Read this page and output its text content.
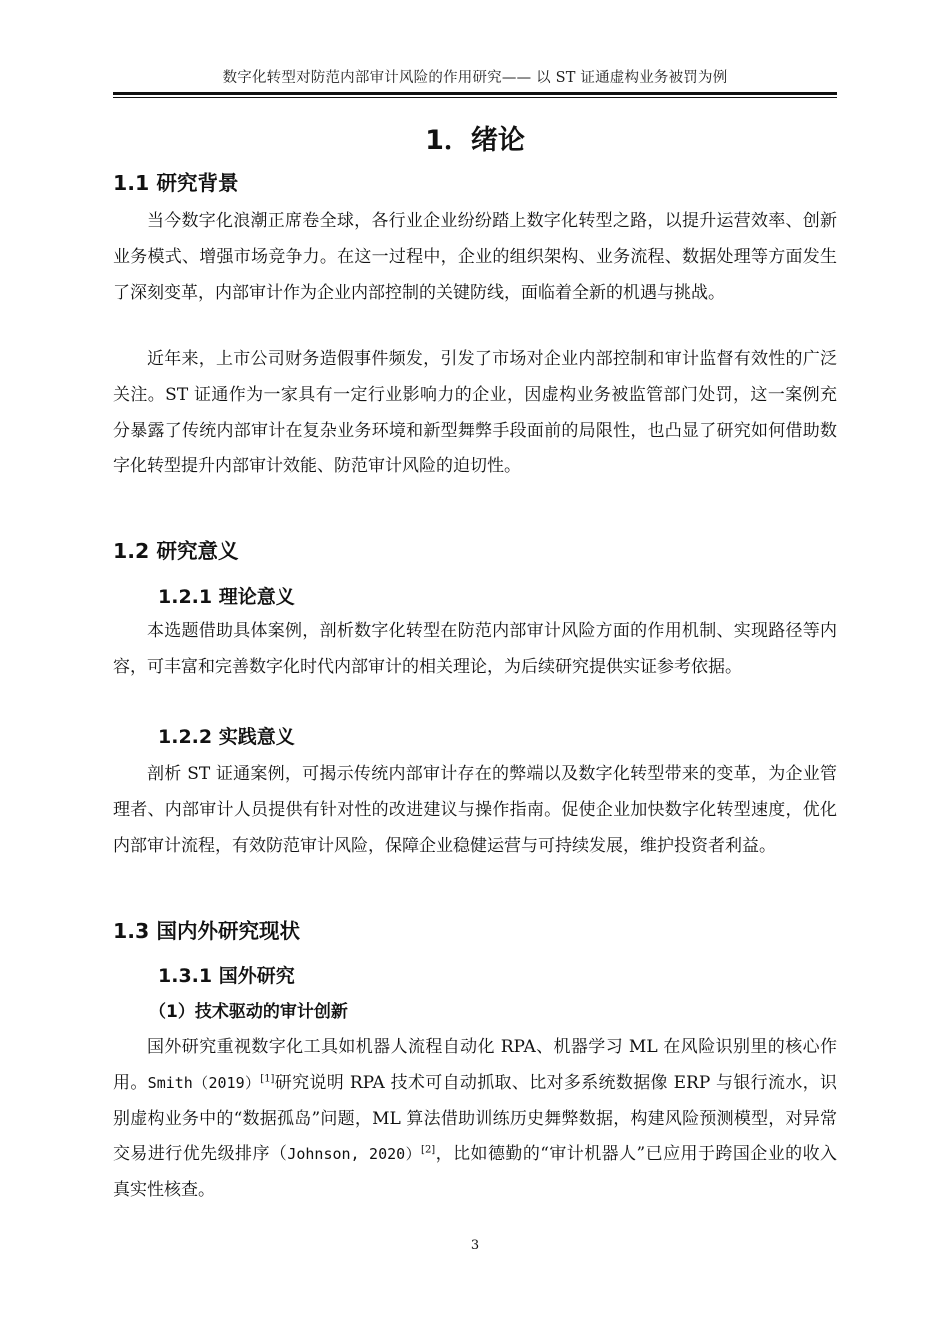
数字化转型对防范内部审计风险的作用研究—— 以 ST 证通虚构业务被罚为例
1．绪论
1.1 研究背景
当今数字化浪潮正席卷全球，各行业企业纷纷踏上数字化转型之路，以提升运营效率、创新业务模式、增强市场竞争力。在这一过程中，企业的组织架构、业务流程、数据处理等方面发生了深刻变革，内部审计作为企业内部控制的关键防线，面临着全新的机遇与挑战。
近年来，上市公司财务造假事件频发，引发了市场对企业内部控制和审计监督有效性的广泛关注。ST 证通作为一家具有一定行业影响力的企业，因虚构业务被监管部门处罚，这一案例充分暴露了传统内部审计在复杂业务环境和新型舞弊手段面前的局限性，也凸显了研究如何借助数字化转型提升内部审计效能、防范审计风险的迫切性。
1.2 研究意义
1.2.1 理论意义
本选题借助具体案例，剖析数字化转型在防范内部审计风险方面的作用机制、实现路径等内容，可丰富和完善数字化时代内部审计的相关理论，为后续研究提供实证参考依据。
1.2.2 实践意义
剖析 ST 证通案例，可揭示传统内部审计存在的弊端以及数字化转型带来的变革，为企业管理者、内部审计人员提供有针对性的改进建议与操作指南。促使企业加快数字化转型速度，优化内部审计流程，有效防范审计风险，保障企业稳健运营与可持续发展，维护投资者利益。
1.3 国内外研究现状
1.3.1 国外研究
（1）技术驱动的审计创新
国外研究重视数字化工具如机器人流程自动化 RPA、机器学习 ML 在风险识别里的核心作用。Smith（2019）[1]研究说明 RPA 技术可自动抓取、比对多系统数据像 ERP 与银行流水，识别虚构业务中的“数据孤岛”问题，ML 算法借助训练历史舞弊数据，构建风险预测模型，对异常交易进行优先级排序（Johnson, 2020）[2]，比如德勤的“审计机器人”已应用于跨国企业的收入真实性核查。
3
